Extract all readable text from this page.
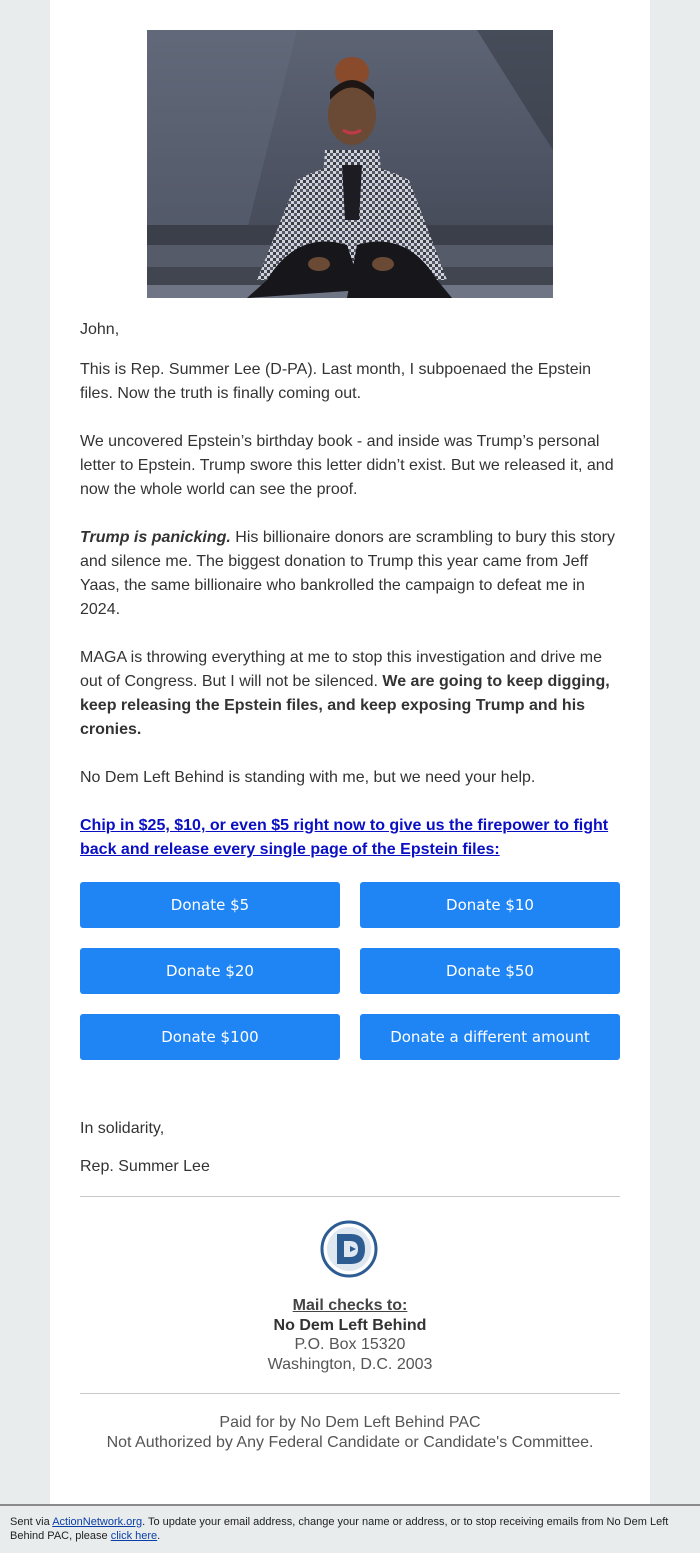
John,

This is Rep. Summer Lee (D-PA). Last month, I subpoenaed the Epstein files. Now the truth is finally coming out.

We uncovered Epstein’s birthday book - and inside was Trump’s personal letter to Epstein. Trump swore this letter didn’t exist. But we released it, and now the whole world can see the proof.

Trump is panicking. His billionaire donors are scrambling to bury this story and silence me. The biggest donation to Trump this year came from Jeff Yaas, the same billionaire who bankrolled the campaign to defeat me in 2024.

MAGA is throwing everything at me to stop this investigation and drive me out of Congress. But I will not be silenced. We are going to keep digging, keep releasing the Epstein files, and keep exposing Trump and his cronies.

No Dem Left Behind is standing with me, but we need your help.

Chip in $25, $10, or even $5 right now to give us the firepower to fight back and release every single page of the Epstein files:

Donate $5	Donate $10
Donate $20	Donate $50
Donate $100	Donate a different amount
In solidarity,
Rep. Summer Lee
Mail checks to:
No Dem Left Behind
P.O. Box 15320
Washington, D.C. 2003
Paid for by No Dem Left Behind PAC
Not Authorized by Any Federal Candidate or Candidate's Committee.
Sent via ActionNetwork.org. To update your email address, change your name or address, or to stop receiving emails from No Dem Left Behind PAC, please click here.
